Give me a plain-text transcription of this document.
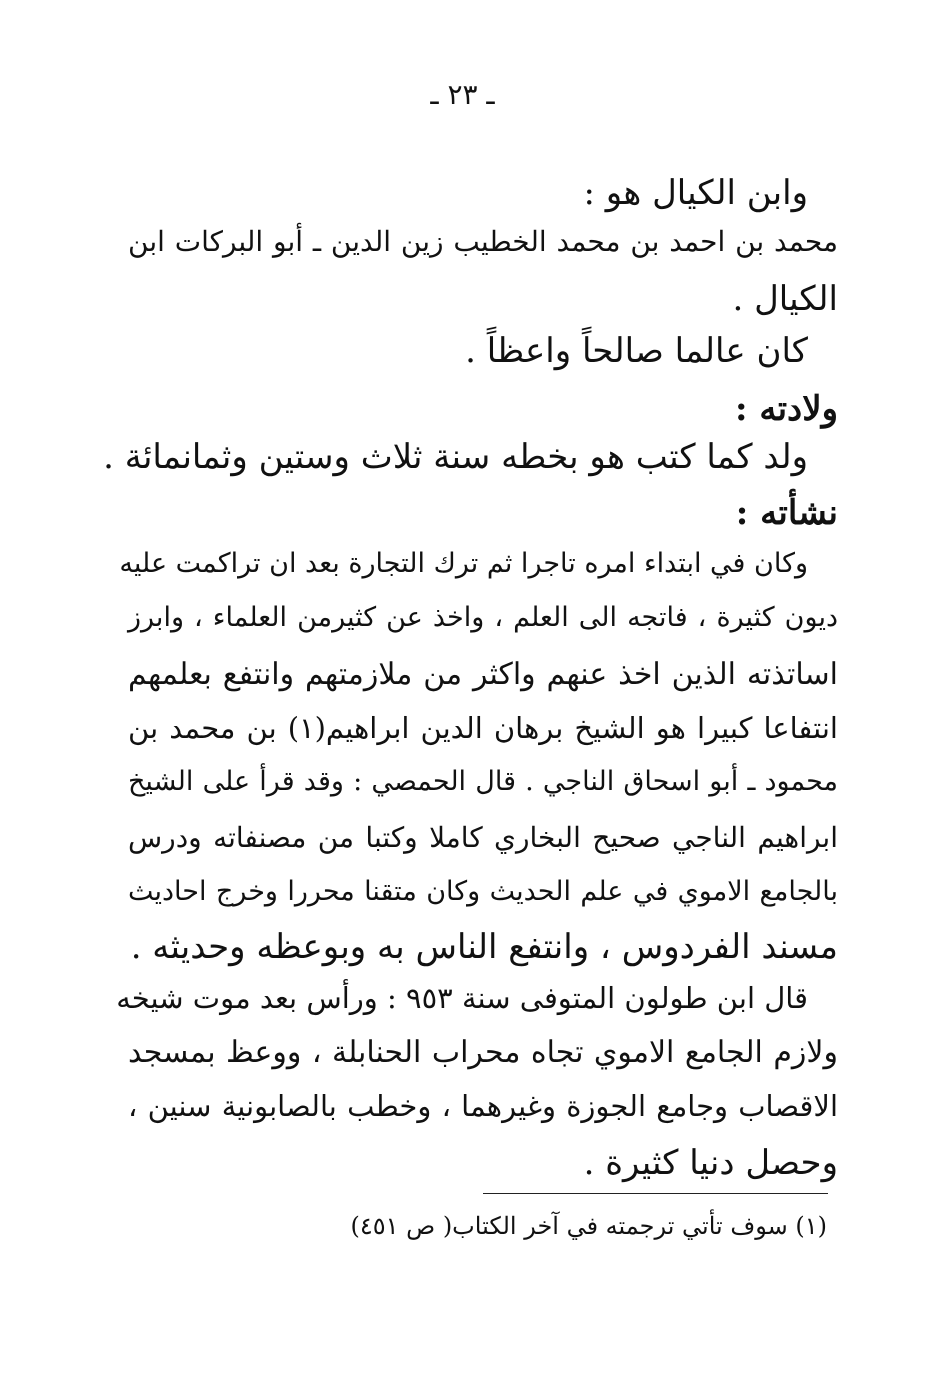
ـ ٢٣ ـ
وابن الكيال هو :
محمد بن احمد بن محمد الخطيب زين الدين ـ أبو البركات ابن
الكيال .
كان عالما صالحاً واعظاً .
ولادته :
ولد كما كتب هو بخطه سنة ثلاث وستين وثمانمائة .
نشأته :
وكان في ابتداء امره تاجرا ثم ترك التجارة بعد ان تراكمت عليه
ديون كثيرة ، فاتجه الى العلم ، واخذ عن كثيرمن العلماء ، وابرز
اساتذته الذين اخذ عنهم واكثر من ملازمتهم وانتفع بعلمهم
انتفاعا كبيرا هو الشيخ برهان الدين ابراهيم(١) بن محمد بن
محمود ـ أبو اسحاق الناجي . قال الحمصي : وقد قرأ على الشيخ
ابراهيم الناجي صحيح البخاري كاملا وكتبا من مصنفاته ودرس
بالجامع الاموي في علم الحديث وكان متقنا محررا وخرج احاديث
مسند الفردوس ، وانتفع الناس به وبوعظه وحديثه .
قال ابن طولون المتوفى سنة ٩٥٣ : ورأس بعد موت شيخه
ولازم الجامع الاموي تجاه محراب الحنابلة ، ووعظ بمسجد
الاقصاب وجامع الجوزة وغيرهما ، وخطب بالصابونية سنين ،
وحصل دنيا كثيرة .
(١) سوف تأتي ترجمته في آخر الكتاب( ص ٤٥١)
